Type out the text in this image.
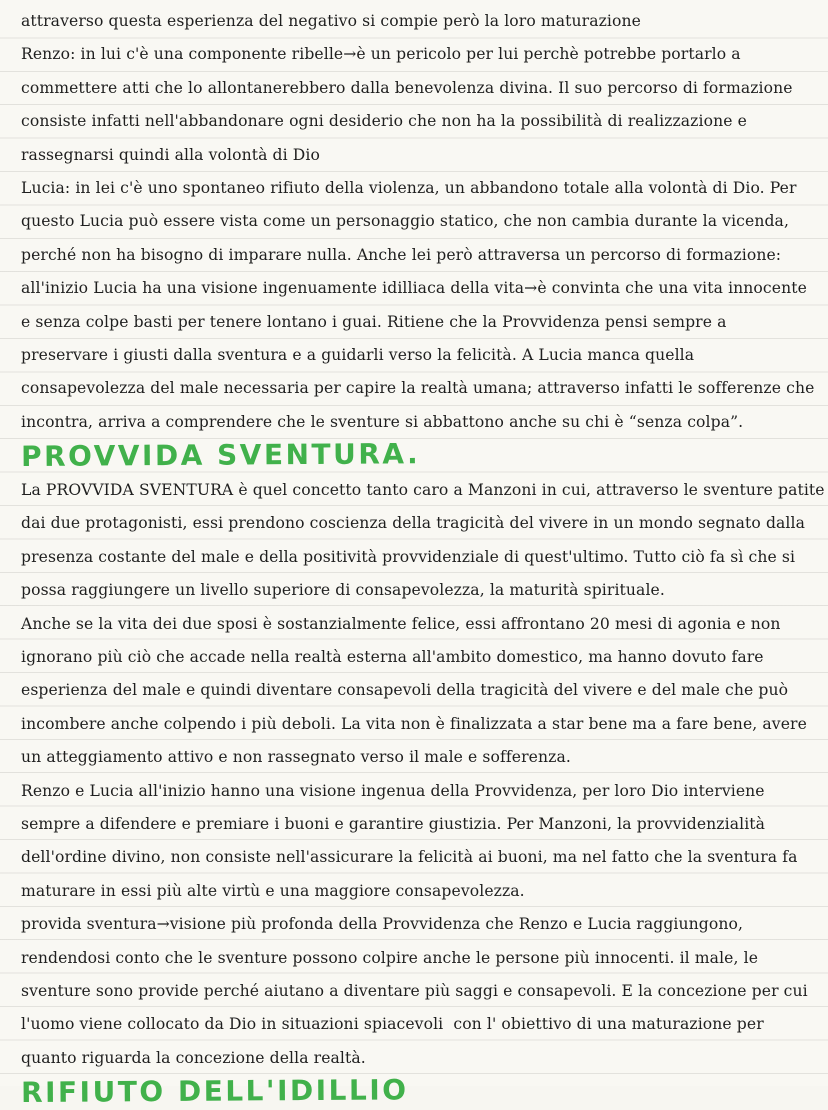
attraverso questa esperienza del negativo si compie però la loro maturazione
Renzo: in lui c'è una componente ribelle→è un pericolo per lui perchè potrebbe portarlo a
commettere atti che lo allontanerebbero dalla benevolenza divina. Il suo percorso di formazione
consiste infatti nell'abbandonare ogni desiderio che non ha la possibilità di realizzazione e
rassegnarsi quindi alla volontà di Dio
Lucia: in lei c'è uno spontaneo rifiuto della violenza, un abbandono totale alla volontà di Dio. Per
questo Lucia può essere vista come un personaggio statico, che non cambia durante la vicenda,
perché non ha bisogno di imparare nulla. Anche lei però attraversa un percorso di formazione:
all'inizio Lucia ha una visione ingenuamente idilliaca della vita→è convinta che una vita innocente
e senza colpe basti per tenere lontano i guai. Ritiene che la Provvidenza pensi sempre a
preservare i giusti dalla sventura e a guidarli verso la felicità. A Lucia manca quella
consapevolezza del male necessaria per capire la realtà umana; attraverso infatti le sofferenze che
incontra, arriva a comprendere che le sventure si abbattono anche su chi è “senza colpa”.
PROVVIDA SVENTURA.
La PROVVIDA SVENTURA è quel concetto tanto caro a Manzoni in cui, attraverso le sventure patite
dai due protagonisti, essi prendono coscienza della tragicità del vivere in un mondo segnato dalla
presenza costante del male e della positività provvidenziale di quest'ultimo. Tutto ciò fa sì che si
possa raggiungere un livello superiore di consapevolezza, la maturità spirituale.
Anche se la vita dei due sposi è sostanzialmente felice, essi affrontano 20 mesi di agonia e non
ignorano più ciò che accade nella realtà esterna all'ambito domestico, ma hanno dovuto fare
esperienza del male e quindi diventare consapevoli della tragicità del vivere e del male che può
incombere anche colpendo i più deboli. La vita non è finalizzata a star bene ma a fare bene, avere
un atteggiamento attivo e non rassegnato verso il male e sofferenza.
Renzo e Lucia all'inizio hanno una visione ingenua della Provvidenza, per loro Dio interviene
sempre a difendere e premiare i buoni e garantire giustizia. Per Manzoni, la provvidenzialità
dell'ordine divino, non consiste nell'assicurare la felicità ai buoni, ma nel fatto che la sventura fa
maturare in essi più alte virtù e una maggiore consapevolezza.
provida sventura→visione più profonda della Provvidenza che Renzo e Lucia raggiungono,
rendendosi conto che le sventure possono colpire anche le persone più innocenti. il male, le
sventure sono provide perché aiutano a diventare più saggi e consapevoli. E la concezione per cui
l'uomo viene collocato da Dio in situazioni spiacevoli  con l' obiettivo di una maturazione per
quanto riguarda la concezione della realtà.
RIFIUTO DELL'IDILLIO
